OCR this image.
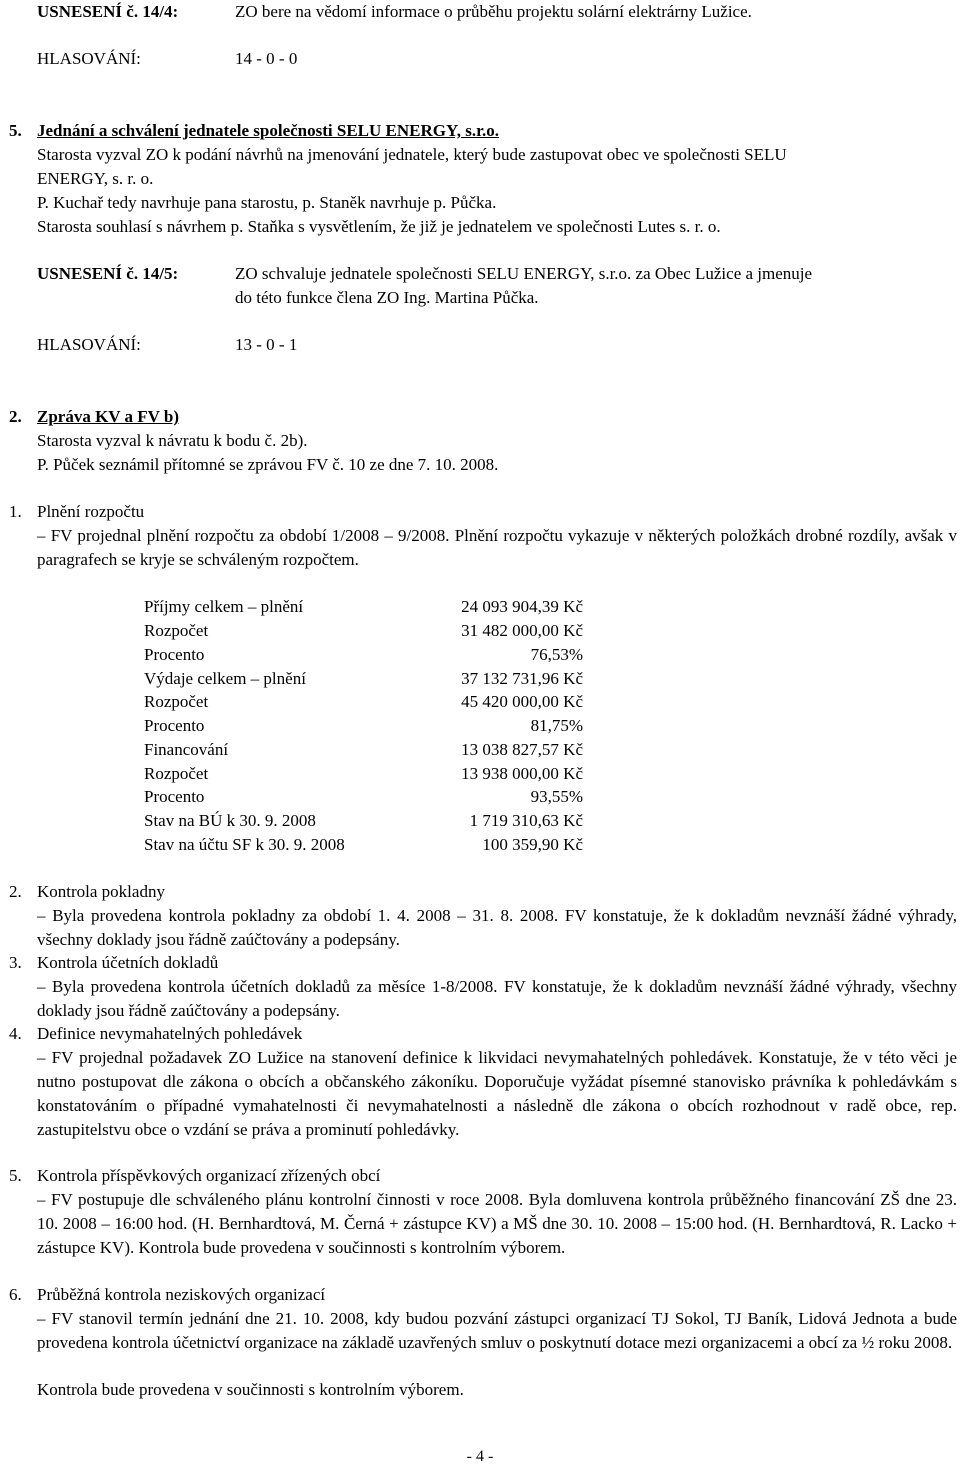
USNESENÍ č. 14/4:	ZO bere na vědomí informace o průběhu projektu solární elektrárny Lužice.
HLASOVÁNÍ:	14 - 0 - 0
5. Jednání a schválení jednatele společnosti SELU ENERGY, s.r.o.
Starosta vyzval ZO k podání návrhů na jmenování jednatele, který bude zastupovat obec ve společnosti SELU
ENERGY, s. r. o.
P. Kuchař tedy navrhuje pana starostu, p. Staněk navrhuje p. Půčka.
Starosta souhlasí s návrhem p. Staňka s vysvětlením, že již je jednatelem ve společnosti Lutes s. r. o.
USNESENÍ č. 14/5:	ZO schvaluje jednatele společnosti SELU ENERGY, s.r.o. za Obec Lužice a jmenuje
do této funkce člena ZO Ing. Martina Půčka.
HLASOVÁNÍ:	13 - 0 - 1
2. Zpráva KV a FV b)
Starosta vyzval k návratu k bodu č. 2b).
P. Půček seznámil přítomné se zprávou FV č. 10 ze dne 7. 10. 2008.
1. Plnění rozpočtu
– FV projednal plnění rozpočtu za období 1/2008 – 9/2008. Plnění rozpočtu vykazuje v některých položkách drobné rozdíly, avšak v paragrafech se kryje se schváleným rozpočtem.
Příjmy celkem – plnění	24 093 904,39 Kč
Rozpočet	31 482 000,00 Kč
Procento	76,53%
Výdaje celkem – plnění	37 132 731,96 Kč
Rozpočet	45 420 000,00 Kč
Procento	81,75%
Financování	13 038 827,57 Kč
Rozpočet	13 938 000,00 Kč
Procento	93,55%
Stav na BÚ k 30. 9. 2008	1 719 310,63 Kč
Stav na účtu SF k 30. 9. 2008	100 359,90 Kč
2. Kontrola pokladny
– Byla provedena kontrola pokladny za období 1. 4. 2008 – 31. 8. 2008. FV konstatuje, že k dokladům nevznáší žádné výhrady, všechny doklady jsou řádně zaúčtovány a podepsány.
3. Kontrola účetních dokladů
– Byla provedena kontrola účetních dokladů za měsíce 1-8/2008. FV konstatuje, že k dokladům nevznáší žádné výhrady, všechny doklady jsou řádně zaúčtovány a podepsány.
4. Definice nevymahatelných pohledávek
– FV projednal požadavek ZO Lužice na stanovení definice k likvidaci nevymahatelných pohledávek. Konstatuje, že v této věci je nutno postupovat dle zákona o obcích a občanského zákoníku. Doporučuje vyžádat písemné stanovisko právníka k pohledávkám s konstatováním o případné vymahatelnosti či nevymahatelnosti a následně dle zákona o obcích rozhodnout v radě obce, rep. zastupitelstvu obce o vzdání se práva a prominutí pohledávky.
5. Kontrola příspěvkových organizací zřízených obcí
– FV postupuje dle schváleného plánu kontrolní činnosti v roce 2008. Byla domluvena kontrola průběžného financování ZŠ dne 23. 10. 2008 – 16:00 hod. (H. Bernhardtová, M. Černá + zástupce KV) a MŠ dne 30. 10. 2008 – 15:00 hod. (H. Bernhardtová, R. Lacko + zástupce KV). Kontrola bude provedena v součinnosti s kontrolním výborem.
6. Průběžná kontrola neziskových organizací
– FV stanovil termín jednání dne 21. 10. 2008, kdy budou pozvání zástupci organizací TJ Sokol, TJ Baník, Lidová Jednota a bude provedena kontrola účetnictví organizace na základě uzavřených smluv o poskytnutí dotace mezi organizacemi a obcí za ½ roku 2008.
Kontrola bude provedena v součinnosti s kontrolním výborem.
- 4 -
